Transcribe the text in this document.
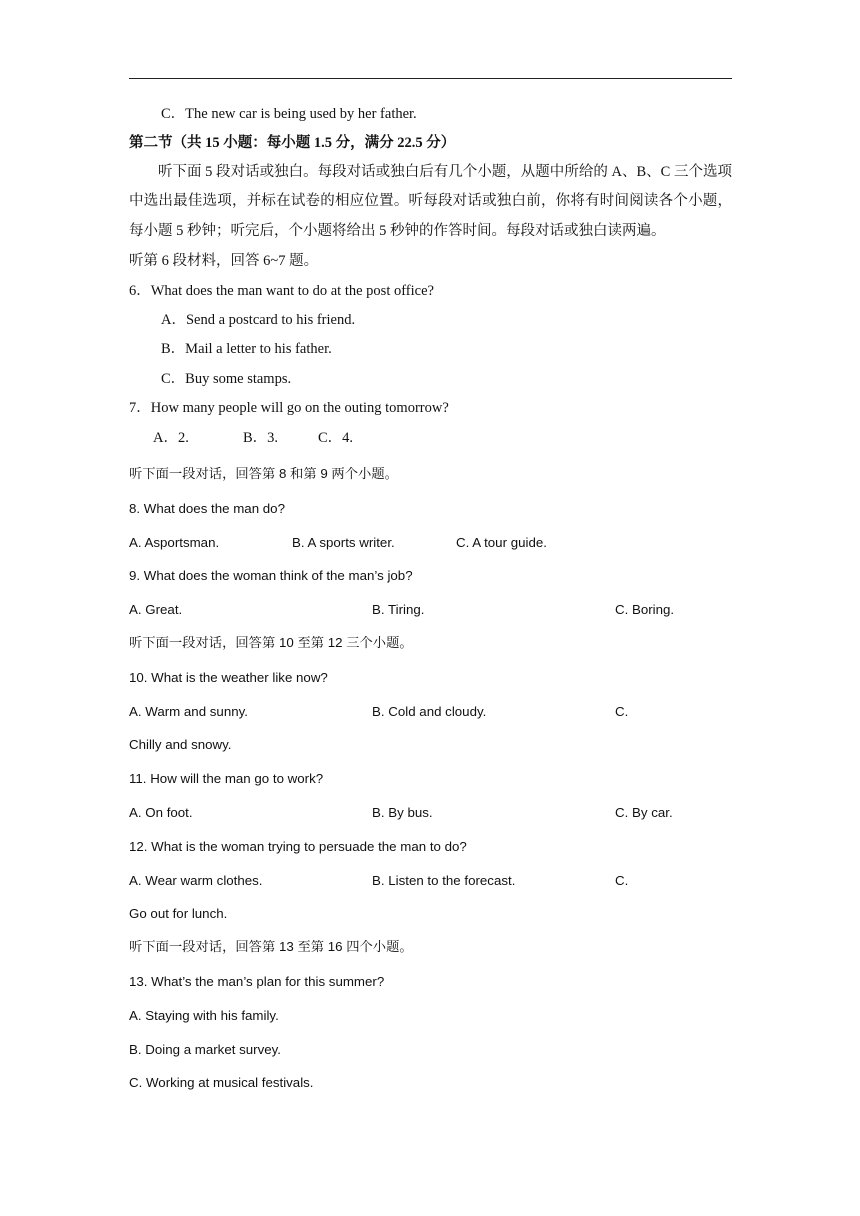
C．The new car is being used by her father.
第二节（共 15 小题：每小题 1.5 分，满分 22.5 分）
听下面 5 段对话或独白。每段对话或独白后有几个小题，从题中所给的 A、B、C 三个选项中选出最佳选项，并标在试卷的相应位置。听每段对话或独白前，你将有时间阅读各个小题，每小题 5 秒钟；听完后，个小题将给出 5 秒钟的作答时间。每段对话或独白读两遍。
听第 6 段材料，回答 6~7 题。
6．What does the man want to do at the post office?
A．Send a postcard to his friend.
B．Mail a letter to his father.
C．Buy some stamps.
7．How many people will go on the outing tomorrow?
A．2.	B．3.	C．4.
听下面一段对话，回答第 8 和第 9 两个小题。
8. What does the man do?
A. Asportsman.	B. A sports writer.	C. A tour guide.
9. What does the woman think of the man’s job?
A. Great.	B. Tiring.	C. Boring.
听下面一段对话，回答第 10 至第 12 三个小题。
10. What is the weather like now?
A. Warm and sunny.	B. Cold and cloudy.	C.
Chilly and snowy.
11. How will the man go to work?
A. On foot.	B. By bus.	C. By car.
12. What is the woman trying to persuade the man to do?
A. Wear warm clothes.	B. Listen to the forecast.	C.
Go out for lunch.
听下面一段对话，回答第 13 至第 16 四个小题。
13. What’s the man’s plan for this summer?
A. Staying with his family.
B. Doing a market survey.
C. Working at musical festivals.
